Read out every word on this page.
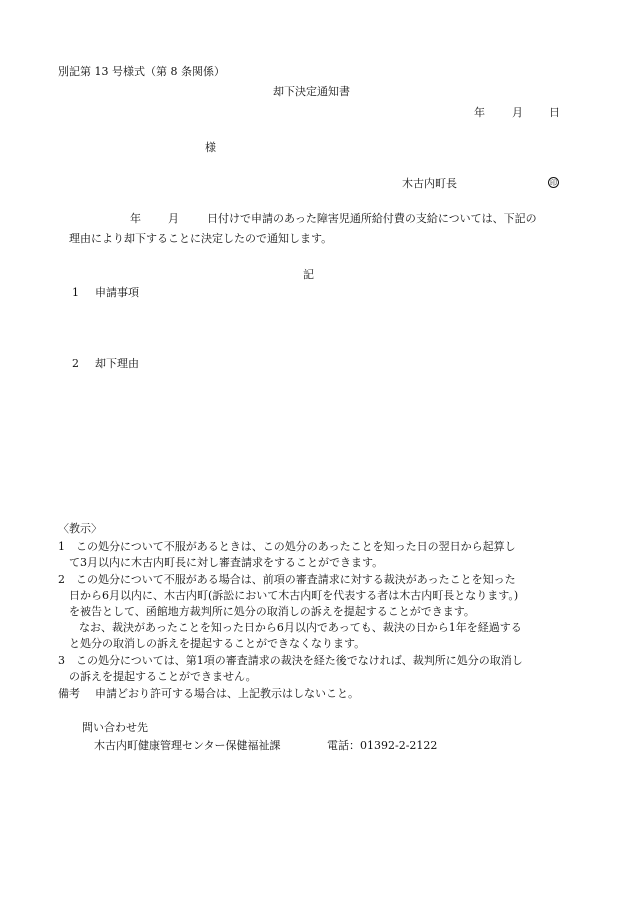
別記第 13 号様式（第 8 条関係）
却下決定通知書
年 月 日
様
木古内町長	印
年 月	日付けで申請のあった障害児通所給付費の支給については、下記の
理由により却下することに決定したので通知します。
記
1 申請事項
2 却下理由
〈教示〉
1　この処分について不服があるときは、この処分のあったことを知った日の翌日から起算し
て3月以内に木古内町長に対し審査請求をすることができます。
2　この処分について不服がある場合は、前項の審査請求に対する裁決があったことを知った
日から6月以内に、木古内町(訴訟において木古内町を代表する者は木古内町長となります。)
を被告として、函館地方裁判所に処分の取消しの訴えを提起することができます。
なお、裁決があったことを知った日から6月以内であっても、裁決の日から1年を経過する
と処分の取消しの訴えを提起することができなくなります。
3　この処分については、第1項の審査請求の裁決を経た後でなければ、裁判所に処分の取消し
の訴えを提起することができません。
備考 申請どおり許可する場合は、上記教示はしないこと。
問い合わせ先
木古内町健康管理センター保健福祉課	電話：01392-2-2122
